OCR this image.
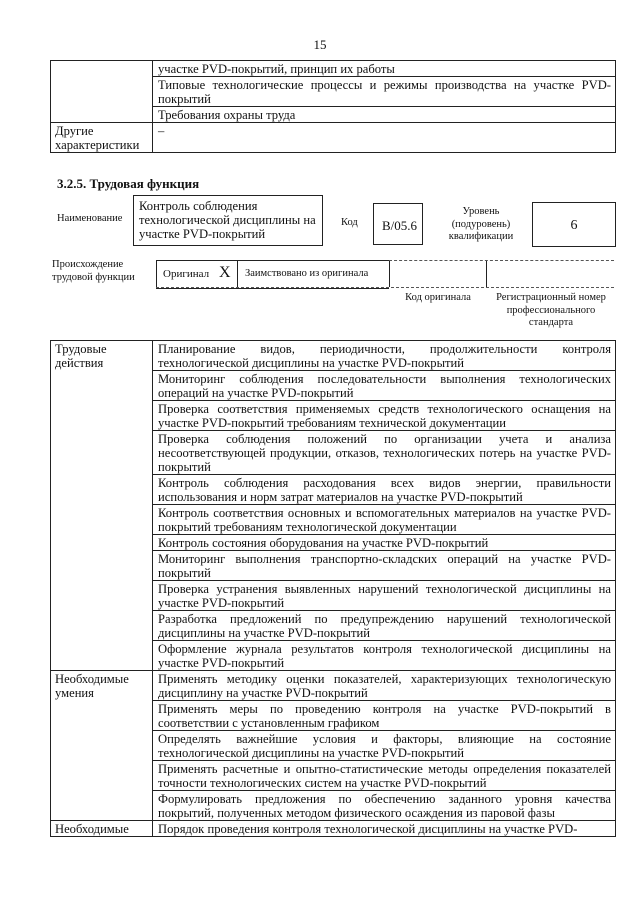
15
	участке PVD-покрытий, принцип их работы
	Типовые технологические процессы и режимы производства на участке PVD-покрытий
	Требования охраны труда
Другие характеристики	–
3.2.5. Трудовая функция
Наименование
Контроль соблюдения технологической дисциплины на участке PVD-покрытий
Код В/05.6
Уровень (подуровень) квалификации
6
Происхождение трудовой функции	Оригинал X Заимствовано из оригинала
Код оригинала	Регистрационный номер профессионального стандарта
Трудовые действия	Планирование видов, периодичности, продолжительности контроля технологической дисциплины на участке PVD-покрытий
	Мониторинг соблюдения последовательности выполнения технологических операций на участке PVD-покрытий
	Проверка соответствия применяемых средств технологического оснащения на участке PVD-покрытий требованиям технической документации
	Проверка соблюдения положений по организации учета и анализа несоответствующей продукции, отказов, технологических потерь на участке PVD-покрытий
	Контроль соблюдения расходования всех видов энергии, правильности использования и норм затрат материалов на участке PVD-покрытий
	Контроль соответствия основных и вспомогательных материалов на участке PVD-покрытий требованиям технологической документации
	Контроль состояния оборудования на участке PVD-покрытий
	Мониторинг выполнения транспортно-складских операций на участке PVD-покрытий
	Проверка устранения выявленных нарушений технологической дисциплины на участке PVD-покрытий
	Разработка предложений по предупреждению нарушений технологической дисциплины на участке PVD-покрытий
	Оформление журнала результатов контроля технологической дисциплины на участке PVD-покрытий
Необходимые умения	Применять методику оценки показателей, характеризующих технологическую дисциплину на участке PVD-покрытий
	Применять меры по проведению контроля на участке PVD-покрытий в соответствии с установленным графиком
	Определять важнейшие условия и факторы, влияющие на состояние технологической дисциплины на участке PVD-покрытий
	Применять расчетные и опытно-статистические методы определения показателей точности технологических систем на участке PVD-покрытий
	Формулировать предложения по обеспечению заданного уровня качества покрытий, полученных методом физического осаждения из паровой фазы
Необходимые	Порядок проведения контроля технологической дисциплины на участке PVD-
